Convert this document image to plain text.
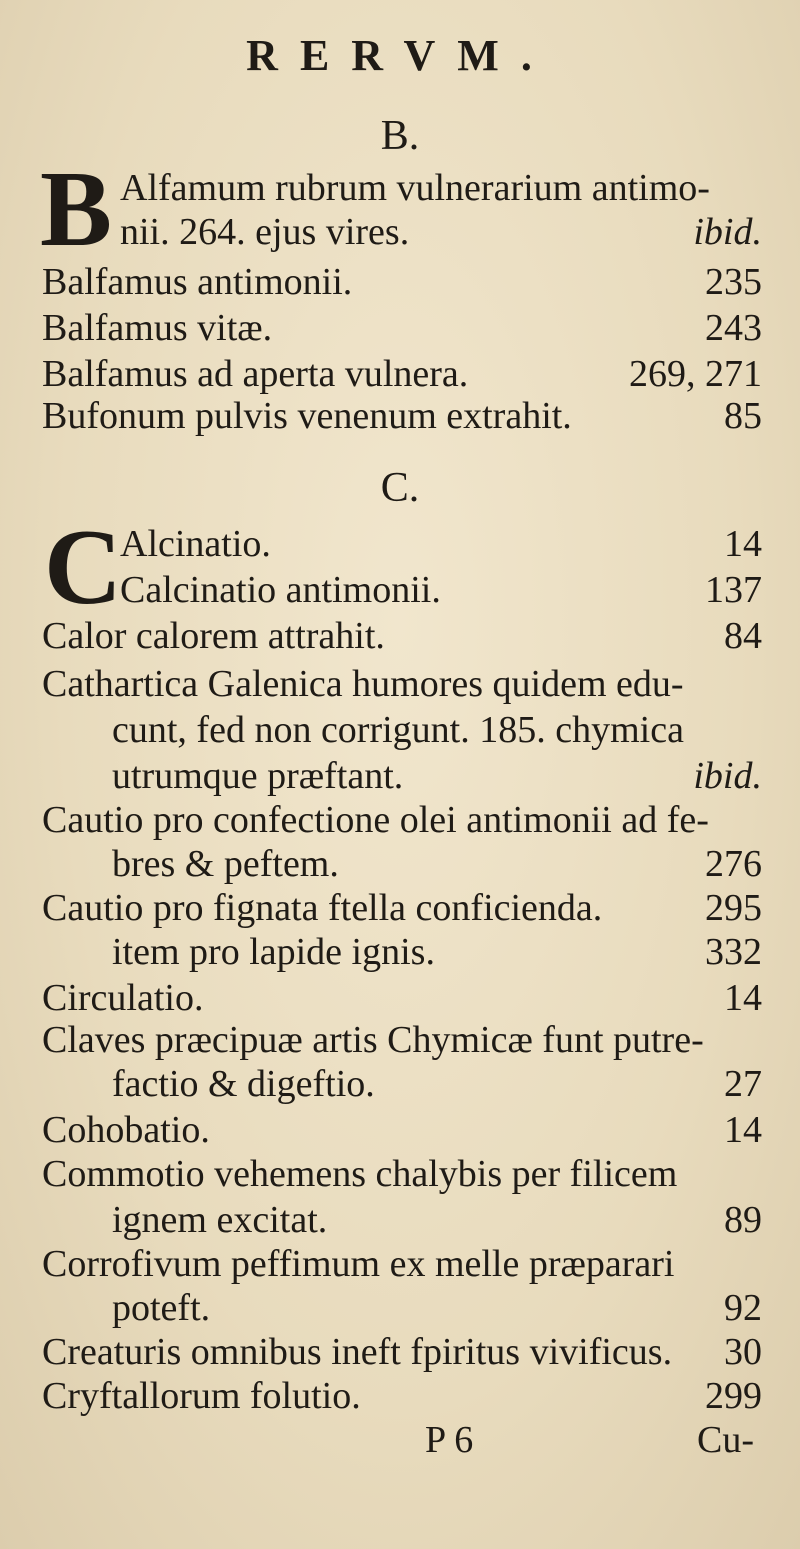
RERVM.
B.
B Alfamum rubrum vulnerarium antimo-
nii. 264. ejus vires.	ibid.
Balfamus antimonii.	235
Balfamus vitæ.	243
Balfamus ad aperta vulnera.	269, 271
Bufonum pulvis venenum extrahit.	85
C.
C
Alcinatio.	14
Calcinatio antimonii.	137
Calor calorem attrahit.	84
Cathartica Galenica humores quidem edu-
cunt, fed non corrigunt. 185. chymica
utrumque præftant.	ibid.
Cautio pro confectione olei antimonii ad fe-
bres & peftem.	276
Cautio pro fignata ftella conficienda.	295
item pro lapide ignis.	332
Circulatio.	14
Claves præcipuæ artis Chymicæ funt putre-
factio & digeftio.	27
Cohobatio.	14
Commotio vehemens chalybis per filicem
ignem excitat.	89
Corrofivum peffimum ex melle præparari
poteft.	92
Creaturis omnibus ineft fpiritus vivificus. 30
Cryftallorum folutio.	299
P 6	Cu-
